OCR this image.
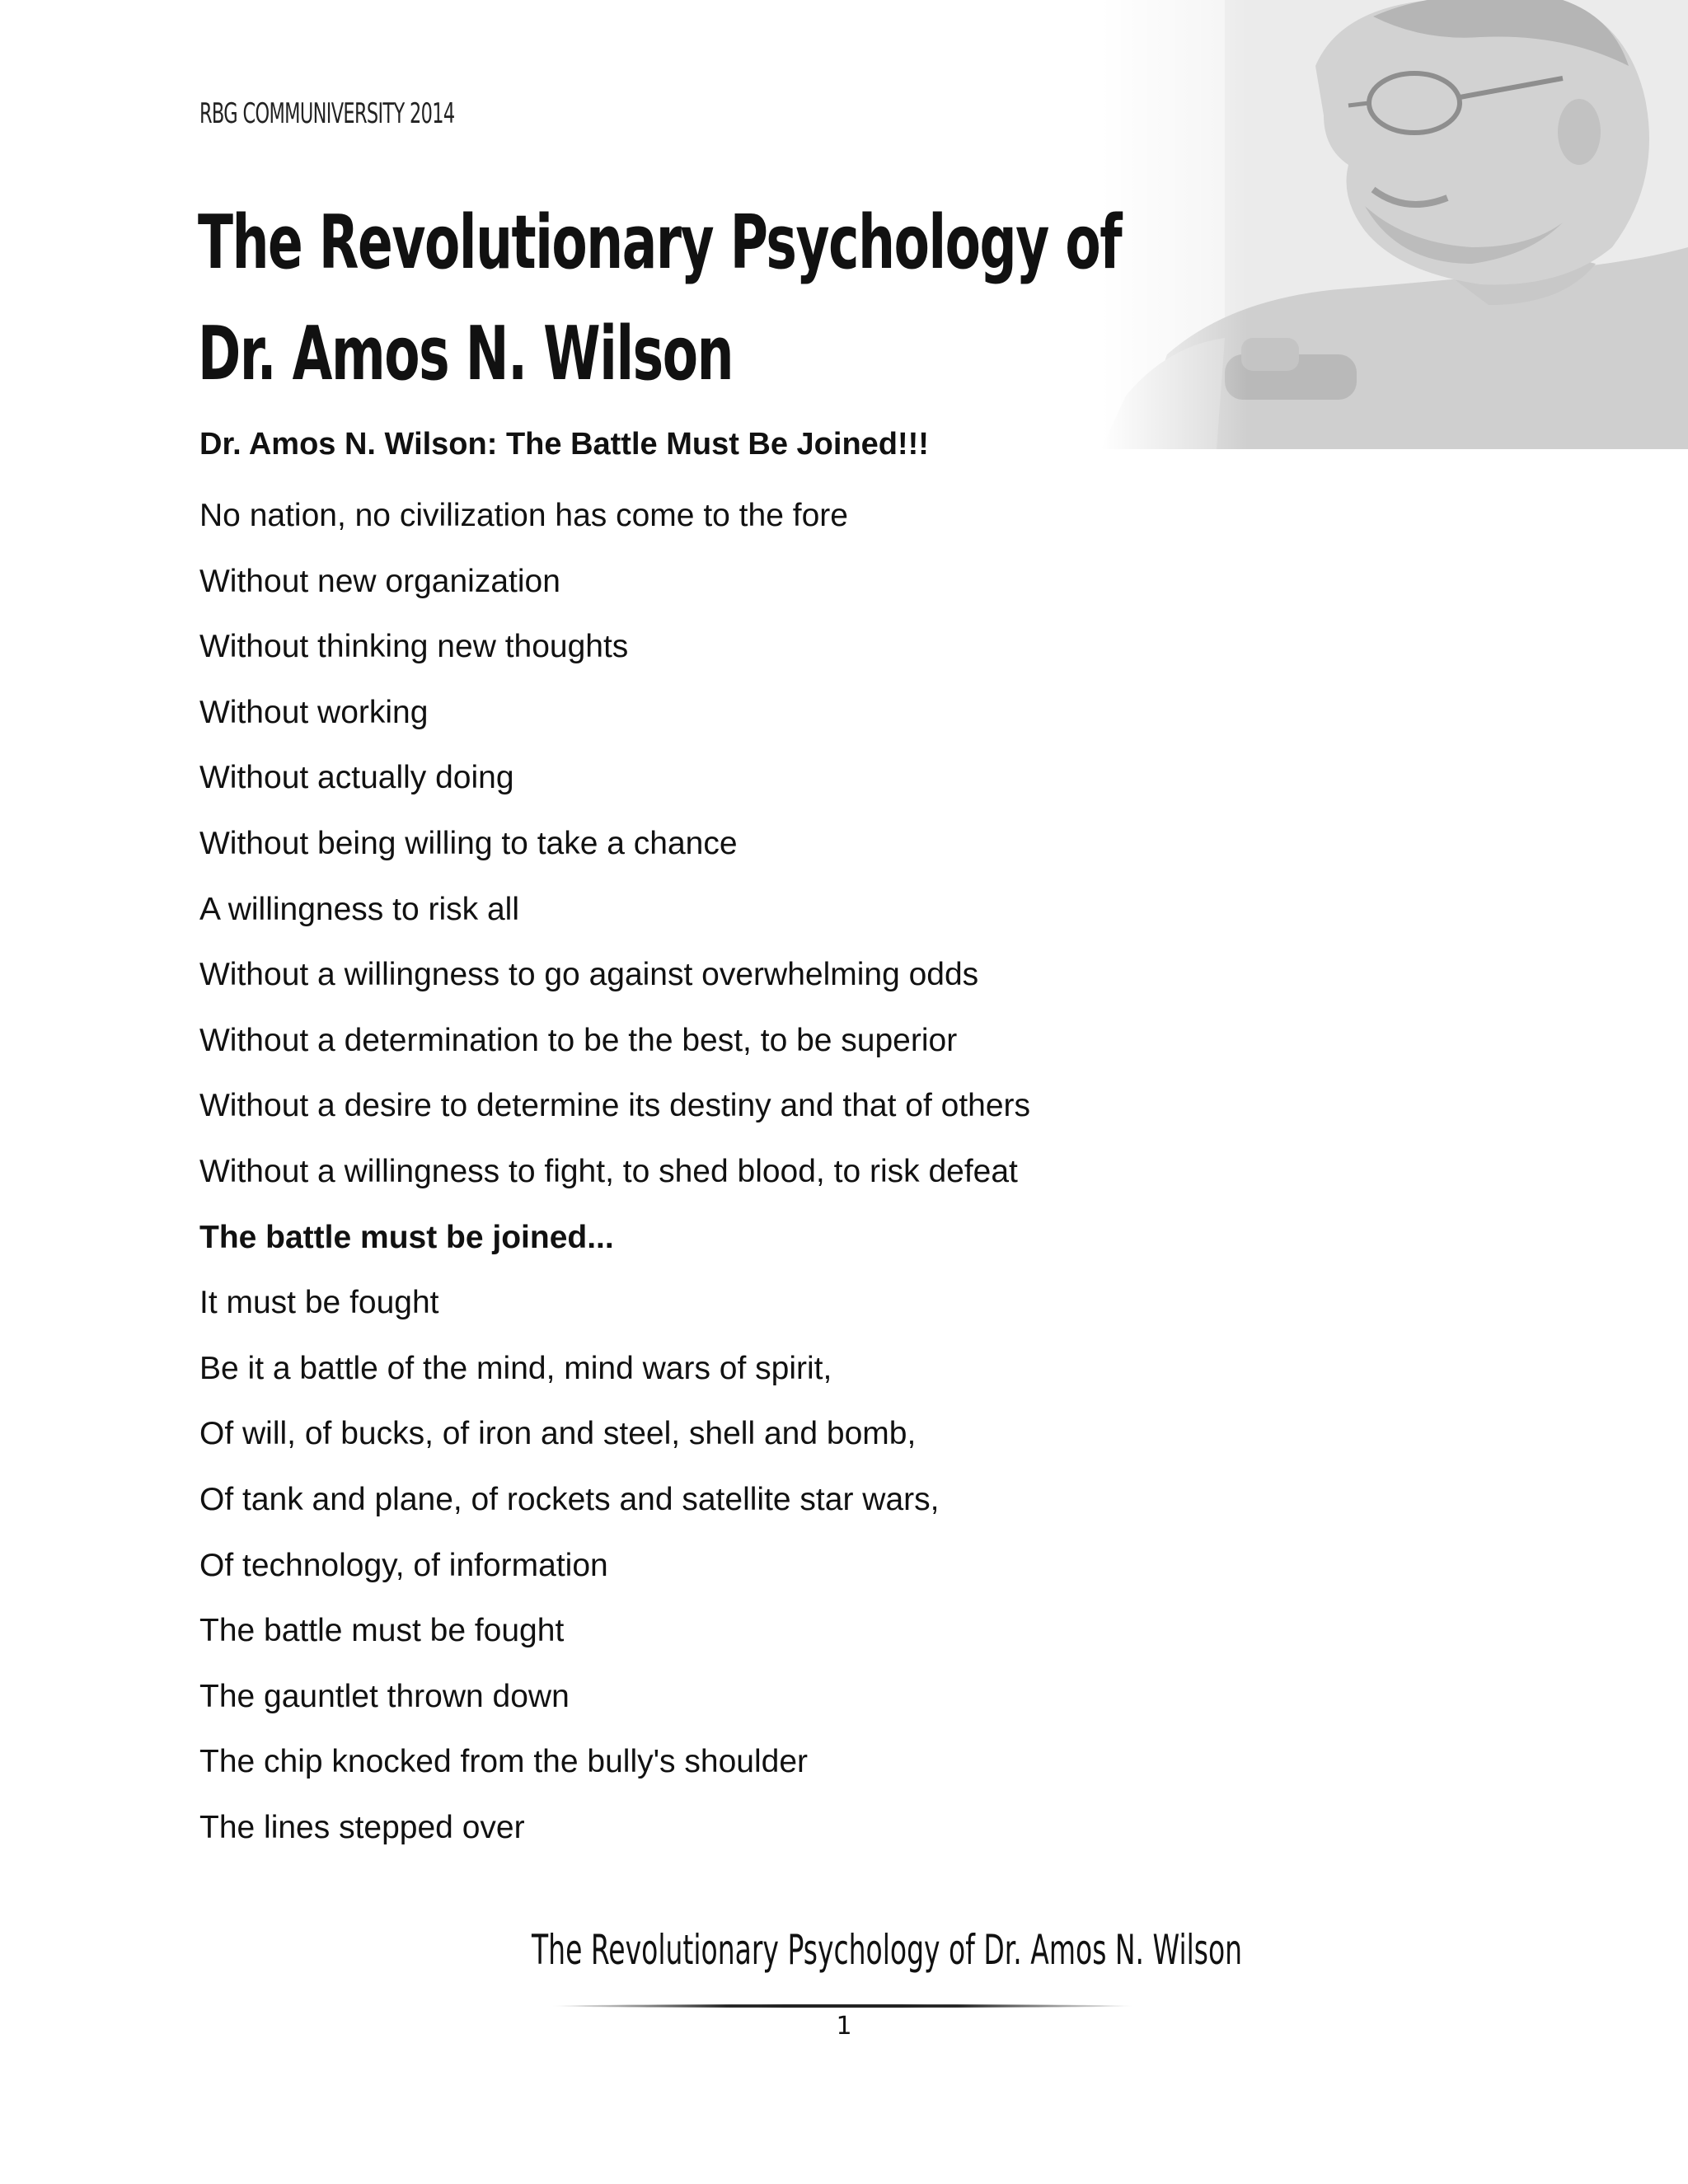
RBG COMMUNIVERSITY 2014
The Revolutionary Psychology of
Dr. Amos N. Wilson
Dr. Amos N. Wilson: The Battle Must Be Joined!!!
No nation, no civilization has come to the fore
Without new organization
Without thinking new thoughts
Without working
Without actually doing
Without being willing to take a chance
A willingness to risk all
Without a willingness to go against overwhelming odds
Without a determination to be the best, to be superior
Without a desire to determine its destiny and that of others
Without a willingness to fight, to shed blood, to risk defeat
The battle must be joined...
It must be fought
Be it a battle of the mind, mind wars of spirit,
Of will, of bucks, of iron and steel, shell and bomb,
Of tank and plane, of rockets and satellite star wars,
Of technology, of information
The battle must be fought
The gauntlet thrown down
The chip knocked from the bully's shoulder
The lines stepped over
The Revolutionary Psychology of Dr. Amos N. Wilson
1
